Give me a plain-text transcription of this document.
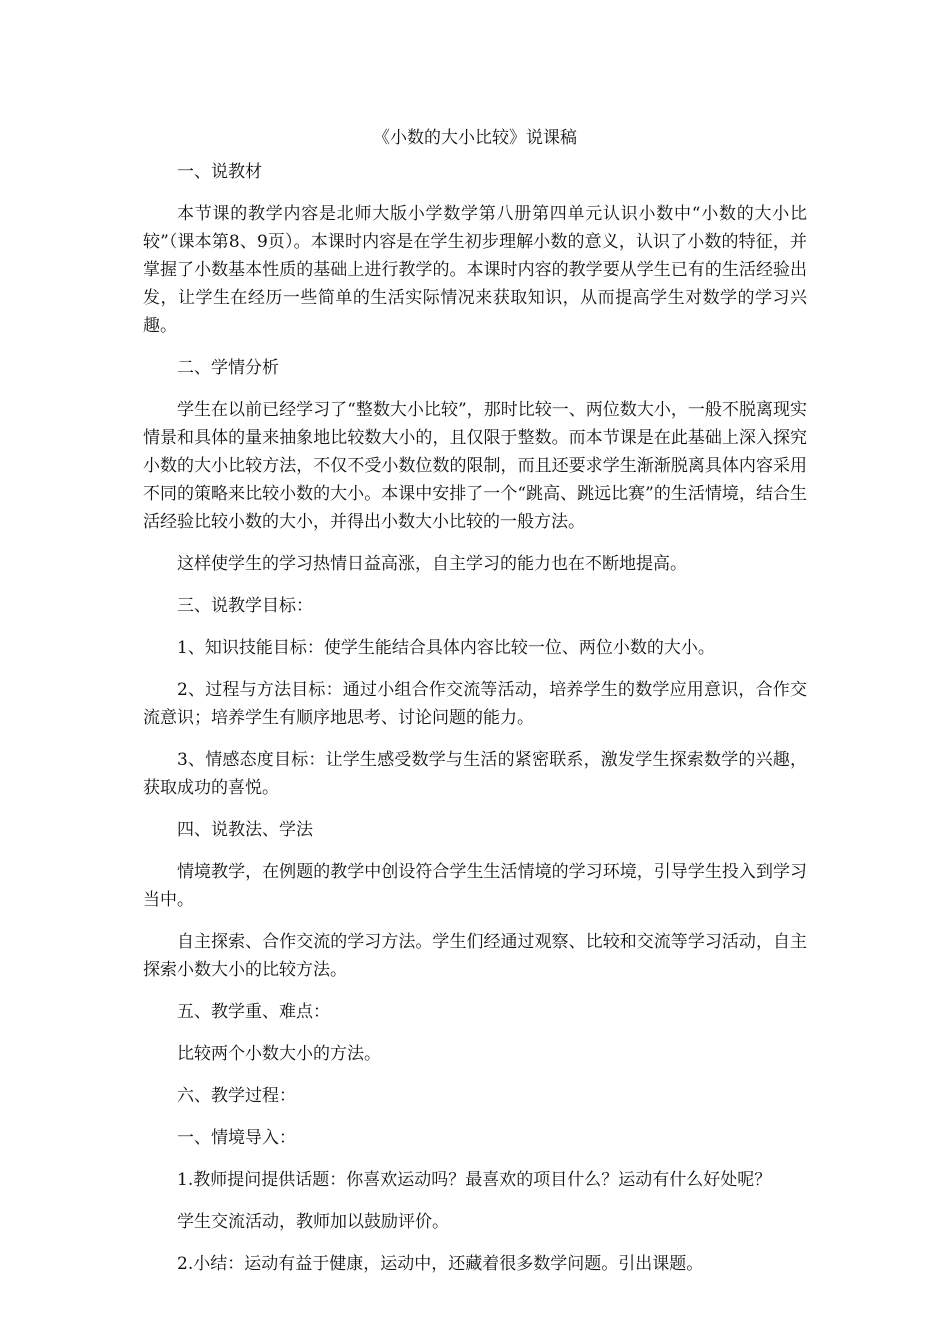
《小数的大小比较》说课稿

一、说教材

本节课的教学内容是北师大版小学数学第八册第四单元认识小数中“小数的大小比较”（课本第8、9页）。本课时内容是在学生初步理解小数的意义，认识了小数的特征，并掌握了小数基本性质的基础上进行教学的。本课时内容的教学要从学生已有的生活经验出发，让学生在经历一些简单的生活实际情况来获取知识，从而提高学生对数学的学习兴趣。

二、学情分析

学生在以前已经学习了“整数大小比较”，那时比较一、两位数大小，一般不脱离现实情景和具体的量来抽象地比较数大小的，且仅限于整数。而本节课是在此基础上深入探究小数的大小比较方法，不仅不受小数位数的限制，而且还要求学生渐渐脱离具体内容采用不同的策略来比较小数的大小。本课中安排了一个“跳高、跳远比赛”的生活情境，结合生活经验比较小数的大小，并得出小数大小比较的一般方法。

这样使学生的学习热情日益高涨，自主学习的能力也在不断地提高。

三、说教学目标：

1、知识技能目标：使学生能结合具体内容比较一位、两位小数的大小。

2、过程与方法目标：通过小组合作交流等活动，培养学生的数学应用意识，合作交流意识；培养学生有顺序地思考、讨论问题的能力。

3、情感态度目标：让学生感受数学与生活的紧密联系，激发学生探索数学的兴趣，获取成功的喜悦。

四、说教法、学法

情境教学，在例题的教学中创设符合学生生活情境的学习环境，引导学生投入到学习当中。

自主探索、合作交流的学习方法。学生们经通过观察、比较和交流等学习活动，自主探索小数大小的比较方法。

五、教学重、难点：

比较两个小数大小的方法。

六、教学过程：

一、情境导入：

1.教师提问提供话题：你喜欢运动吗？最喜欢的项目什么？运动有什么好处呢？

学生交流活动，教师加以鼓励评价。

2.小结：运动有益于健康，运动中，还藏着很多数学问题。引出课题。
